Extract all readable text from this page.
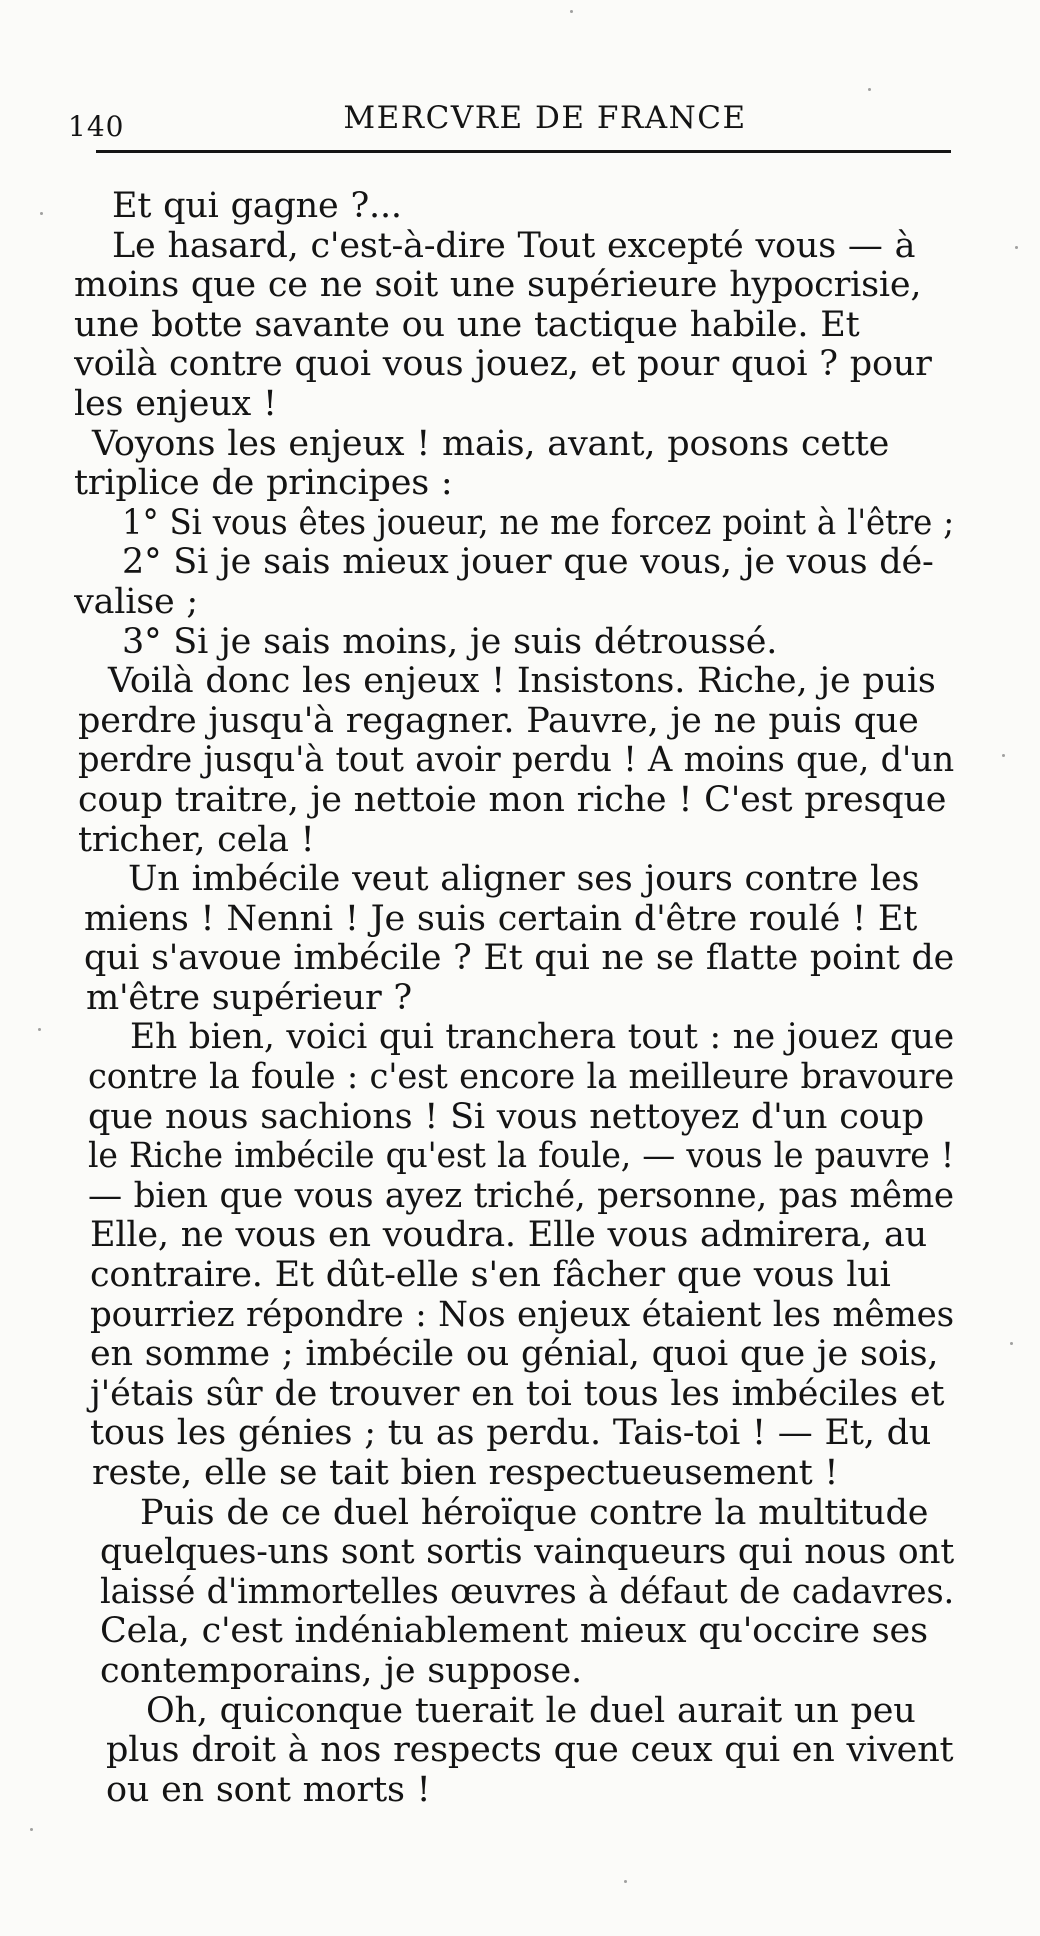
140	MERCVRE DE FRANCE
Et qui gagne ?...
Le hasard, c'est-à-dire Tout excepté vous — à
moins que ce ne soit une supérieure hypocrisie,
une botte savante ou une tactique habile. Et
voilà contre quoi vous jouez, et pour quoi ? pour
les enjeux !
Voyons les enjeux ! mais, avant, posons cette
triplice de principes :
1° Si vous êtes joueur, ne me forcez point à l'être ;
2° Si je sais mieux jouer que vous, je vous dé-
valise ;
3° Si je sais moins, je suis détroussé.
Voilà donc les enjeux ! Insistons. Riche, je puis
perdre jusqu'à regagner. Pauvre, je ne puis que
perdre jusqu'à tout avoir perdu ! A moins que, d'un
coup traitre, je nettoie mon riche ! C'est presque
tricher, cela !
Un imbécile veut aligner ses jours contre les
miens ! Nenni ! Je suis certain d'être roulé ! Et
qui s'avoue imbécile ? Et qui ne se flatte point de
m'être supérieur ?
Eh bien, voici qui tranchera tout : ne jouez que
contre la foule : c'est encore la meilleure bravoure
que nous sachions ! Si vous nettoyez d'un coup
le Riche imbécile qu'est la foule, — vous le pauvre !
— bien que vous ayez triché, personne, pas même
Elle, ne vous en voudra. Elle vous admirera, au
contraire. Et dût-elle s'en fâcher que vous lui
pourriez répondre : Nos enjeux étaient les mêmes
en somme ; imbécile ou génial, quoi que je sois,
j'étais sûr de trouver en toi tous les imbéciles et
tous les génies ; tu as perdu. Tais-toi ! — Et, du
reste, elle se tait bien respectueusement !
Puis de ce duel héroïque contre la multitude
quelques-uns sont sortis vainqueurs qui nous ont
laissé d'immortelles œuvres à défaut de cadavres.
Cela, c'est indéniablement mieux qu'occire ses
contemporains, je suppose.
Oh, quiconque tuerait le duel aurait un peu
plus droit à nos respects que ceux qui en vivent
ou en sont morts !
